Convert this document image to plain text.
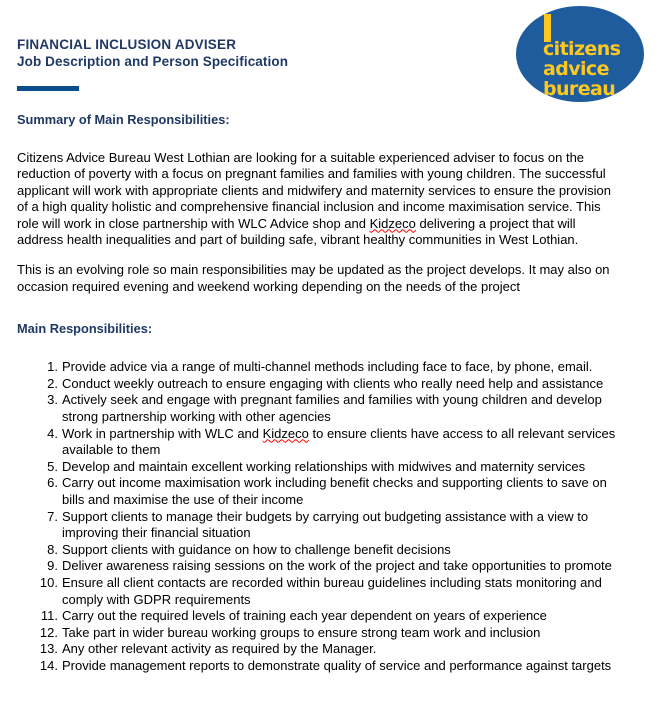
FINANCIAL INCLUSION ADVISER
Job Description and Person Specification
citizens
advice
bureau
Summary of Main Responsibilities:

Citizens Advice Bureau West Lothian are looking for a suitable experienced adviser to focus on the reduction of poverty with a focus on pregnant families and families with young children. The successful applicant will work with appropriate clients and midwifery and maternity services to ensure the provision of a high quality holistic and comprehensive financial inclusion and income maximisation service. This role will work in close partnership with WLC Advice shop and Kidzeco delivering a project that will address health inequalities and part of building safe, vibrant healthy communities in West Lothian.

This is an evolving role so main responsibilities may be updated as the project develops. It may also on occasion required evening and weekend working depending on the needs of the project

Main Responsibilities:
Provide advice via a range of multi-channel methods including face to face, by phone, email.
Conduct weekly outreach to ensure engaging with clients who really need help and assistance
Actively seek and engage with pregnant families and families with young children and develop strong partnership working with other agencies
Work in partnership with WLC and Kidzeco to ensure clients have access to all relevant services available to them
Develop and maintain excellent working relationships with midwives and maternity services
Carry out income maximisation work including benefit checks and supporting clients to save on bills and maximise the use of their income
Support clients to manage their budgets by carrying out budgeting assistance with a view to improving their financial situation
Support clients with guidance on how to challenge benefit decisions
Deliver awareness raising sessions on the work of the project and take opportunities to promote
Ensure all client contacts are recorded within bureau guidelines including stats monitoring and comply with GDPR requirements
Carry out the required levels of training each year dependent on years of experience
Take part in wider bureau working groups to ensure strong team work and inclusion
Any other relevant activity as required by the Manager.
Provide management reports to demonstrate quality of service and performance against targets
